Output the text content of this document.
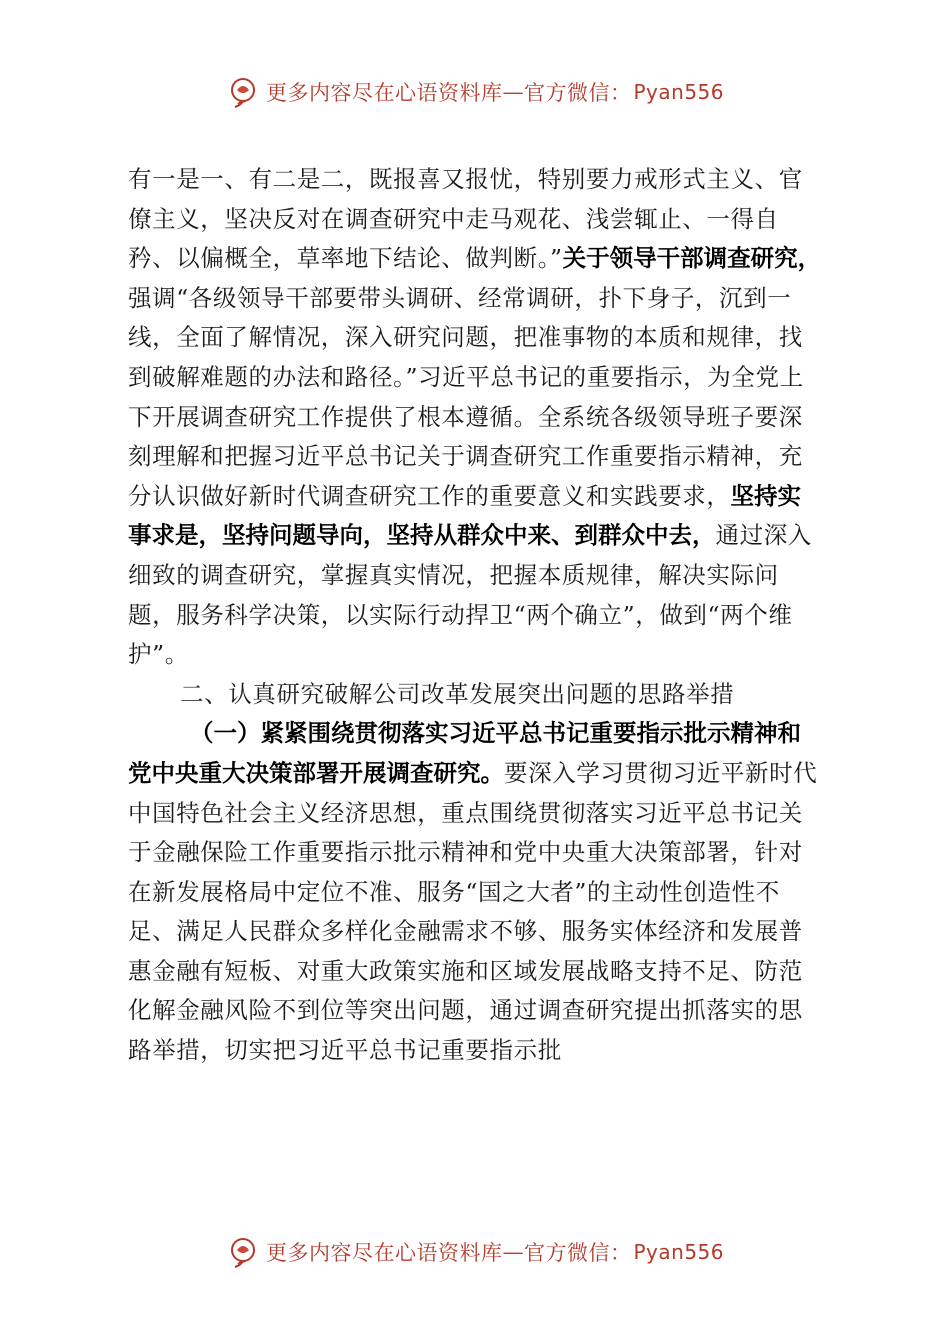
更多内容尽在心语资料库 — 官方微信： Pyan556

有一是一、有二是二，既报喜又报忧，特别要力戒形式主义、官僚主义，坚决反对在调查研究中走马观花、浅尝辄止、一得自矜、以偏概全，草率地下结论、做判断。”关于领导干部调查研究，强调“各级领导干部要带头调研、经常调研，扑下身子，沉到一线，全面了解情况，深入研究问题，把准事物的本质和规律，找到破解难题的办法和路径。”习近平总书记的重要指示，为全党上下开展调查研究工作提供了根本遵循。全系统各级领导班子要深刻理解和把握习近平总书记关于调查研究工作重要指示精神，充分认识做好新时代调查研究工作的重要意义和实践要求，坚持实事求是，坚持问题导向，坚持从群众中来、到群众中去，通过深入细致的调查研究，掌握真实情况，把握本质规律，解决实际问题，服务科学决策，以实际行动捍卫“两个确立”，做到“两个维护”。

二、认真研究破解公司改革发展突出问题的思路举措

（一）紧紧围绕贯彻落实习近平总书记重要指示批示精神和党中央重大决策部署开展调查研究。要深入学习贯彻习近平新时代中国特色社会主义经济思想，重点围绕贯彻落实习近平总书记关于金融保险工作重要指示批示精神和党中央重大决策部署，针对在新发展格局中定位不准、服务“国之大者”的主动性创造性不足、满足人民群众多样化金融需求不够、服务实体经济和发展普惠金融有短板、对重大政策实施和区域发展战略支持不足、防范化解金融风险不到位等突出问题，通过调查研究提出抓落实的思路举措，切实把习近平总书记重要指示批

更多内容尽在心语资料库 — 官方微信： Pyan556
